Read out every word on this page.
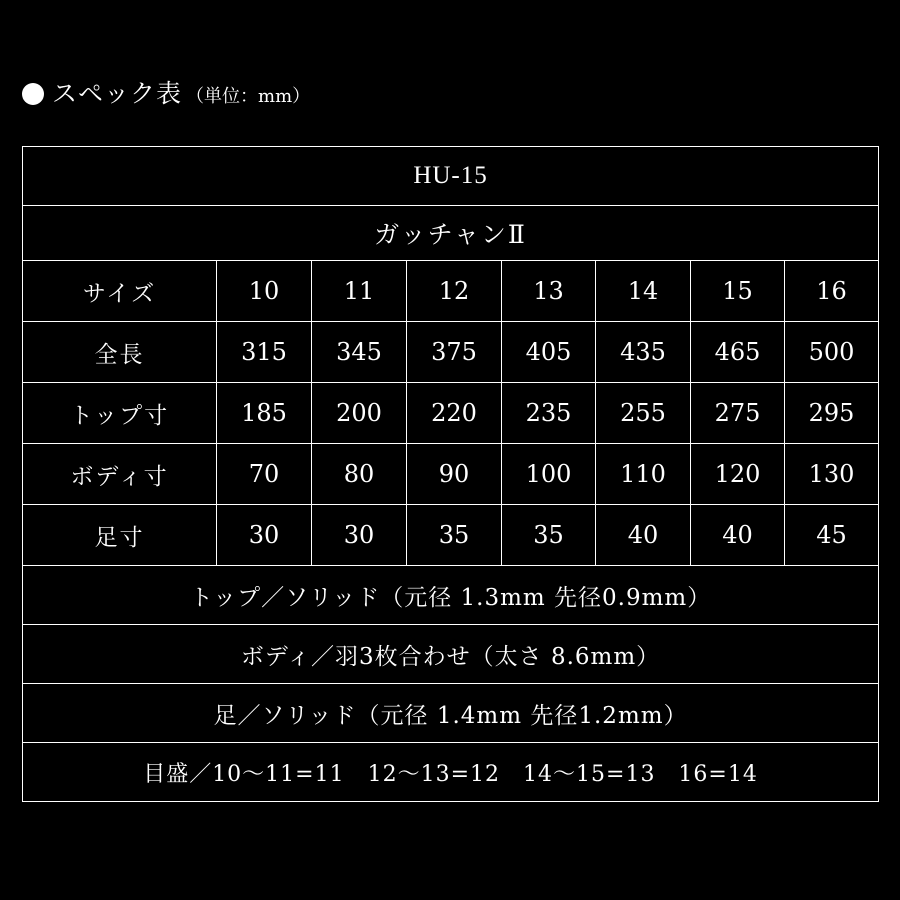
スペック表 （単位：mm）
HU-15							
ガッチャンⅡ							
サイズ	10	11	12	13	14	15	16
全長	315	345	375	405	435	465	500
トップ寸	185	200	220	235	255	275	295
ボディ寸	70	80	90	100	110	120	130
足寸	30	30	35	35	40	40	45
トップ／ソリッド（元径 1.3mm 先径0.9mm）							
ボディ／羽3枚合わせ（太さ 8.6mm）							
足／ソリッド（元径 1.4mm 先径1.2mm）							
目盛／10〜11=11　12〜13=12　14〜15=13　16=14							
